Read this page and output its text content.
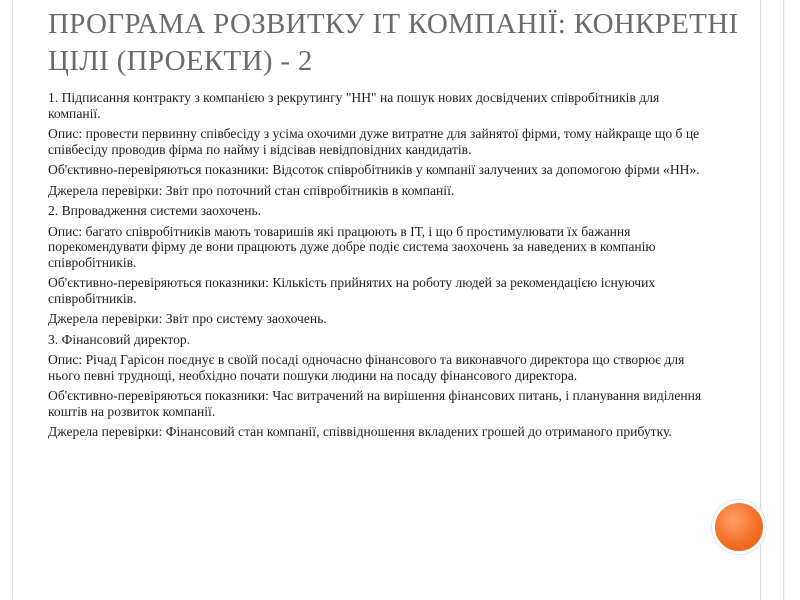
ПРОГРАМА РОЗВИТКУ ІТ КОМПАНІЇ: КОНКРЕТНІ ЦІЛІ (ПРОЕКТИ) - 2

1. Підписання контракту з компанією з рекрутингу "НН" на пошук нових досвідчених співробітників для компанії.

Опис: провести первинну співбесіду з усіма охочими дуже витратне для зайнятої фірми, тому найкраще що б це співбесіду проводив фірма по найму і відсівав невідповідних кандидатів.

Об'єктивно-перевіряються показники: Відсоток співробітників у компанії залучених за допомогою фірми «НН».

Джерела перевірки: Звіт про поточний стан співробітників в компанії.

2. Впровадження системи заохочень.

Опис: багато співробітників мають товаришів які працюють в ІТ, і що б простимулювати їх бажання порекомендувати фірму де вони працюють дуже добре подіє система заохочень за наведених в компанію співробітників.

Об'єктивно-перевіряються показники: Кількість прийнятих на роботу людей за рекомендацією існуючих співробітників.

Джерела перевірки: Звіт про систему заохочень.

3. Фінансовий директор.

Опис: Річад Гарісон поєднує в своїй посаді одночасно фінансового та виконавчого директора що створює для нього певні труднощі, необхідно почати пошуки людини на посаду фінансового директора.

Об'єктивно-перевіряються показники: Час витрачений на вирішення фінансових питань, і планування виділення коштів на розвиток компанії.

Джерела перевірки: Фінансовий стан компанії, співвідношення вкладених грошей до отриманого прибутку.
